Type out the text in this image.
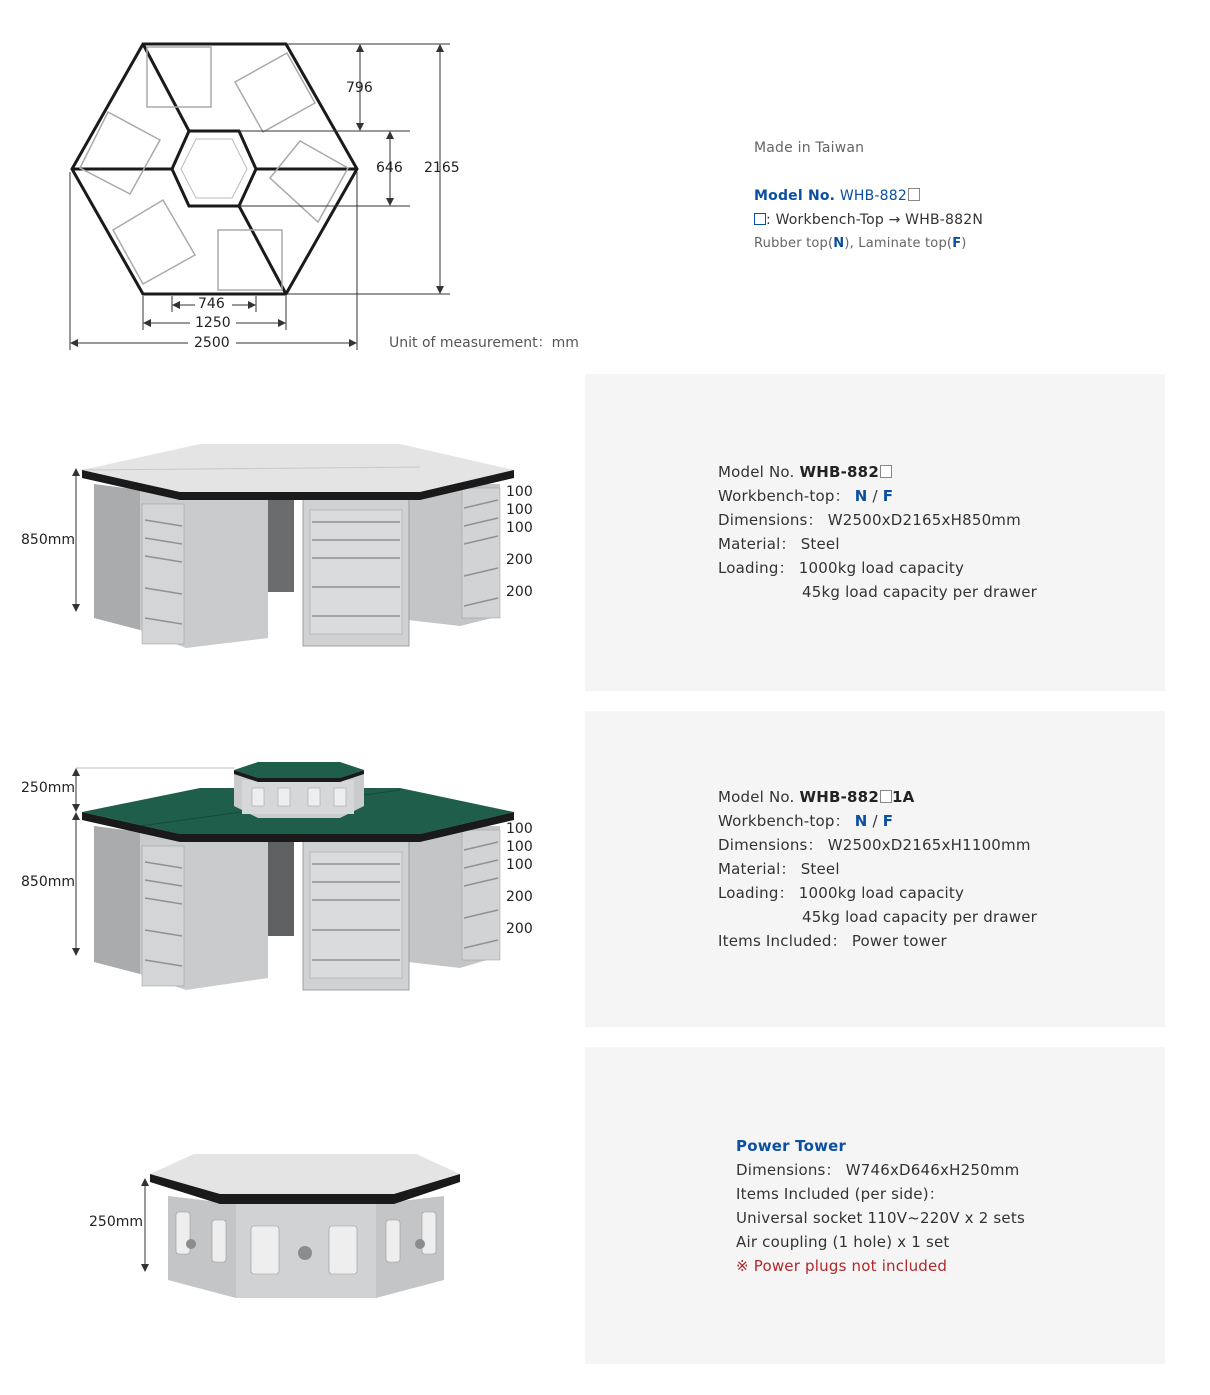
796
646 2165
746
1250
2500	Unit of measurement：mm
Made in Taiwan
Model No. WHB-882
: Workbench-Top → WHB-882N
Rubber top(N), Laminate top(F)
850mm
100
100
100
200
200
Model No. WHB-882
Workbench-top： N / F
Dimensions： W2500xD2165xH850mm
Material： Steel
Loading： 1000kg load capacity
45kg load capacity per drawer
250mm
850mm
100
100
100
200
200
Model No. WHB-882 1A
Workbench-top： N / F
Dimensions： W2500xD2165xH1100mm
Material： Steel
Loading： 1000kg load capacity
45kg load capacity per drawer
Items Included： Power tower
250mm
Power Tower
Dimensions： W746xD646xH250mm
Items Included (per side)：
Universal socket 110V~220V x 2 sets
Air coupling (1 hole) x 1 set
※ Power plugs not included
